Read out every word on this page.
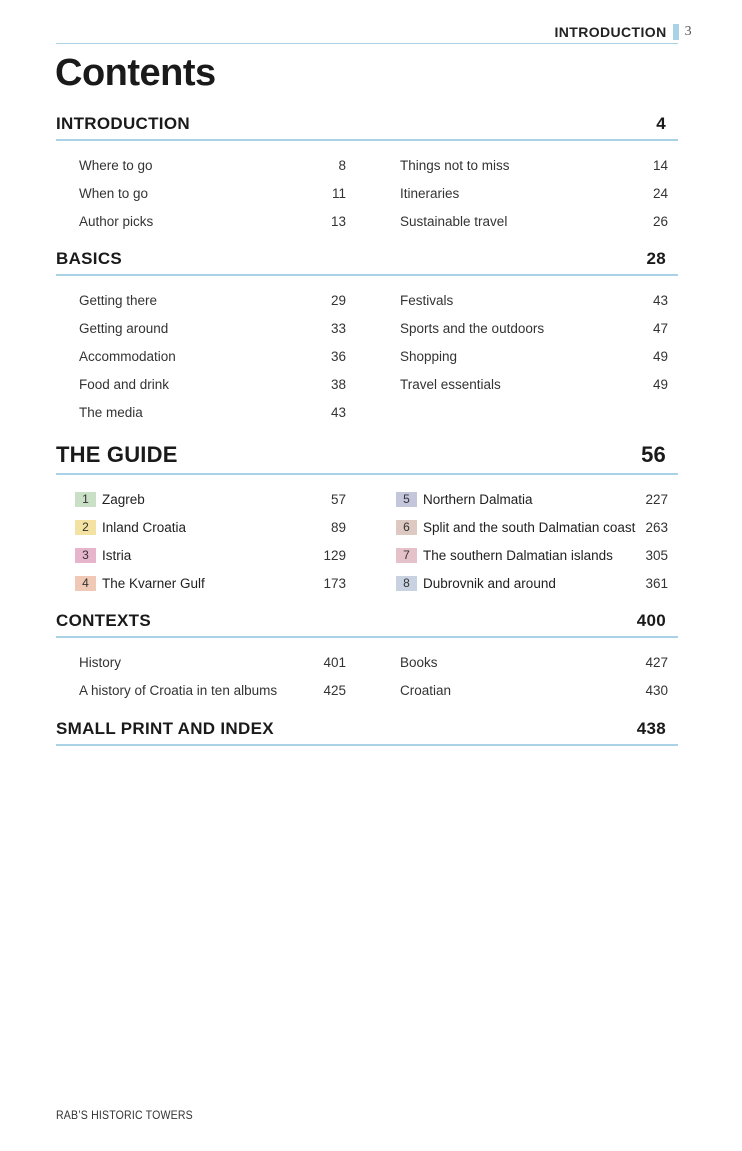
INTRODUCTION 3
Contents
INTRODUCTION	4
Where to go	8
When to go	11
Author picks	13
Things not to miss	14
Itineraries	24
Sustainable travel	26
BASICS	28
Getting there	29
Getting around	33
Accommodation	36
Food and drink	38
The media	43
Festivals	43
Sports and the outdoors	47
Shopping	49
Travel essentials	49
THE GUIDE	56
1 Zagreb	57
2 Inland Croatia	89
3 Istria	129
4 The Kvarner Gulf	173
5 Northern Dalmatia	227
6 Split and the south Dalmatian coast 263
7 The southern Dalmatian islands 305
8 Dubrovnik and around	361
CONTEXTS	400
History	401
A history of Croatia in ten albums	425
Books	427
Croatian	430
SMALL PRINT AND INDEX	438
RAB’S HISTORIC TOWERS
